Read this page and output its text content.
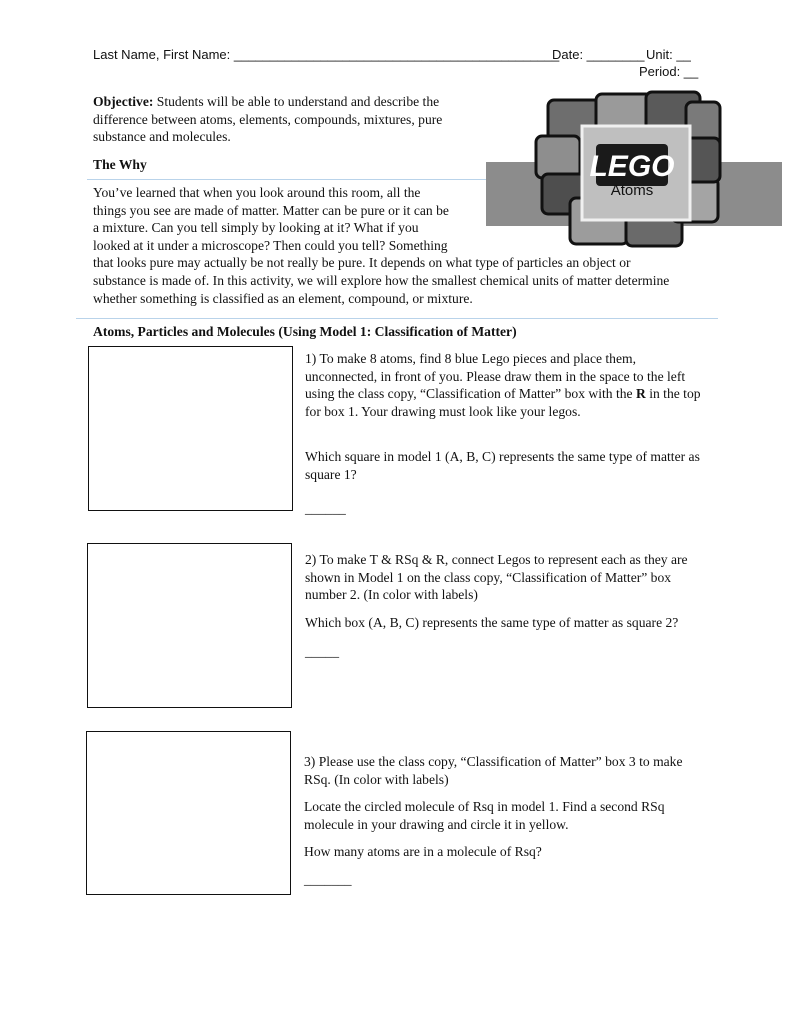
Last Name, First Name: _____________________________________________
Date: ________ Unit: __
Period: __
Objective: Students will be able to understand and describe the difference between atoms, elements, compounds, mixtures, pure substance and molecules.
The Why	LEGO
Atoms
You’ve learned that when you look around this room, all the
things you see are made of matter. Matter can be pure or it can be
a mixture. Can you tell simply by looking at it? What if you
looked at it under a microscope? Then could you tell? Something
that looks pure may actually be not really be pure. It depends on what type of particles an object or
substance is made of. In this activity, we will explore how the smallest chemical units of matter determine
whether something is classified as an element, compound, or mixture.
Atoms, Particles and Molecules (Using Model 1: Classification of Matter)

1) To make 8 atoms, find 8 blue Lego pieces and place them, unconnected, in front of you. Please draw them in the space to the left using the class copy, “Classification of Matter” box with the R in the top for box 1. Your drawing must look like your legos.

Which square in model 1 (A, B, C) represents the same type of matter as square 1?

______

2) To make T & RSq & R, connect Legos to represent each as they are shown in Model 1 on the class copy, “Classification of Matter” box number 2. (In color with labels)

Which box (A, B, C) represents the same type of matter as square 2?

_____

3) Please use the class copy, “Classification of Matter” box 3 to make RSq. (In color with labels)

Locate the circled molecule of Rsq in model 1. Find a second RSq molecule in your drawing and circle it in yellow.

How many atoms are in a molecule of Rsq?

_______
